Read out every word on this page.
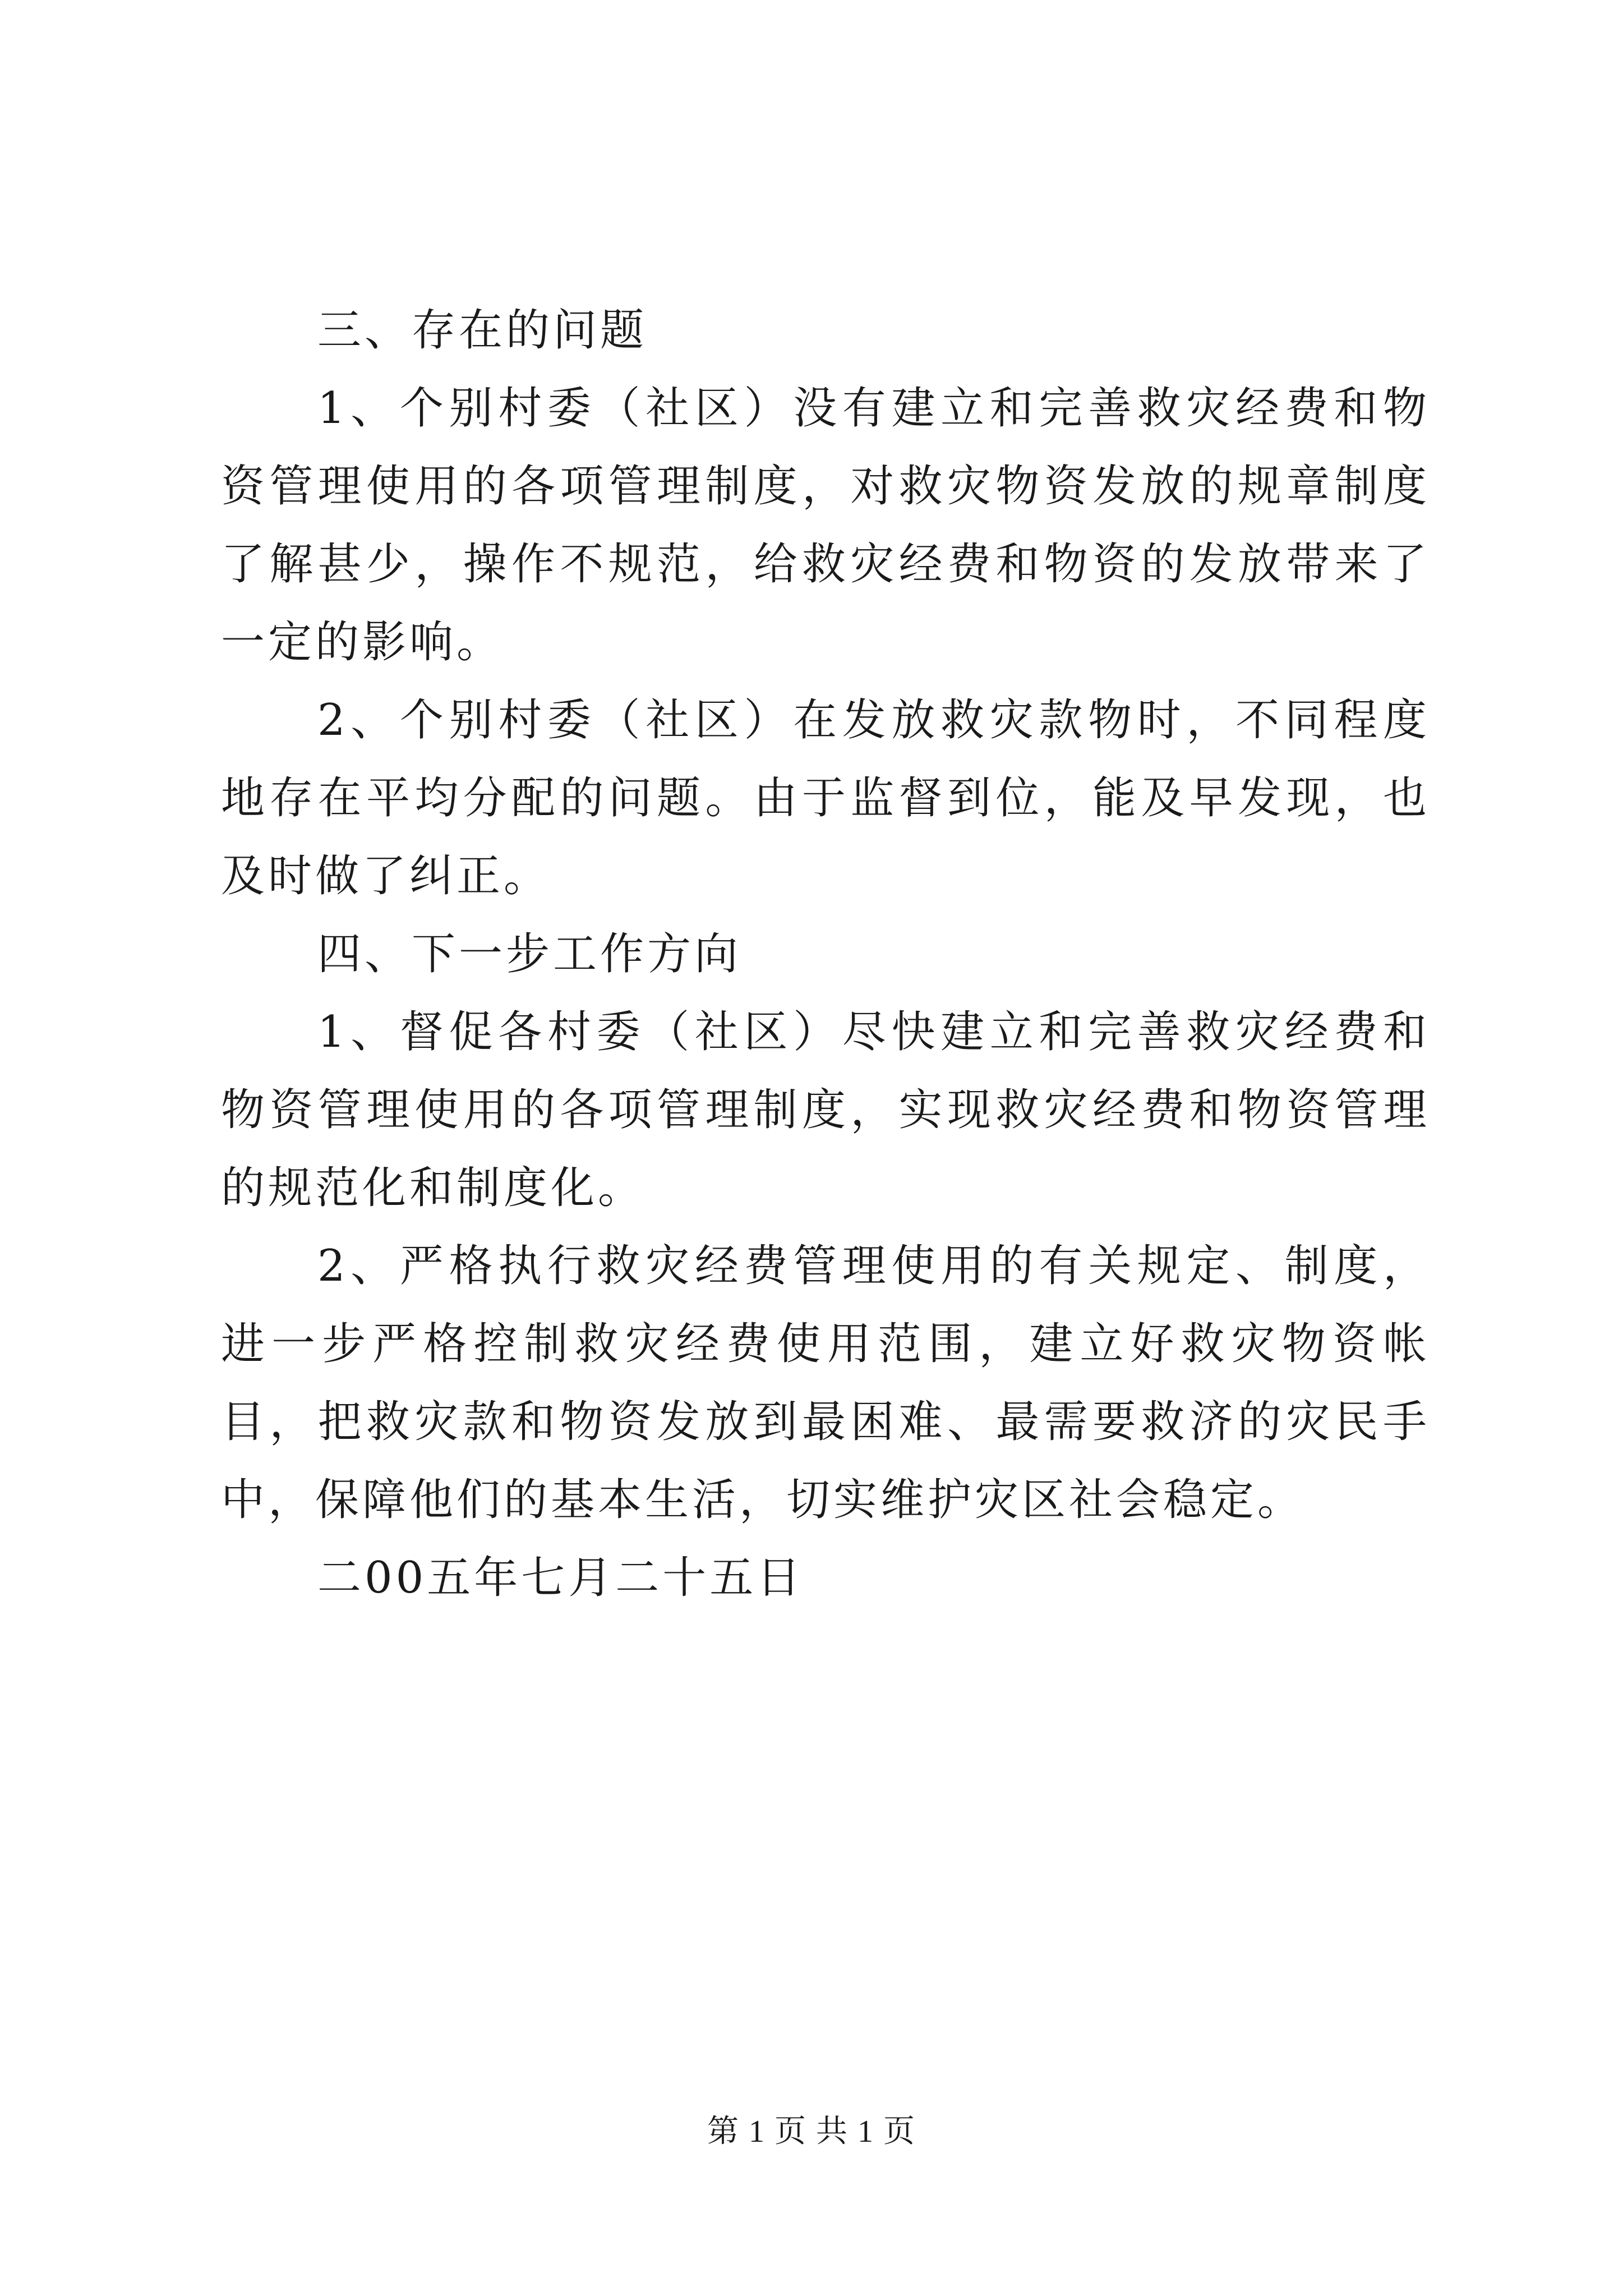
三、存在的问题

1、个别村委（社区）没有建立和完善救灾经费和物资管理使用的各项管理制度，对救灾物资发放的规章制度了解甚少，操作不规范，给救灾经费和物资的发放带来了一定的影响。

2、个别村委（社区）在发放救灾款物时，不同程度地存在平均分配的问题。由于监督到位，能及早发现，也及时做了纠正。

四、下一步工作方向

1、督促各村委（社区）尽快建立和完善救灾经费和物资管理使用的各项管理制度，实现救灾经费和物资管理的规范化和制度化。

2、严格执行救灾经费管理使用的有关规定、制度，进一步严格控制救灾经费使用范围，建立好救灾物资帐目，把救灾款和物资发放到最困难、最需要救济的灾民手中，保障他们的基本生活，切实维护灾区社会稳定。

二00五年七月二十五日

第 1 页 共 1 页
